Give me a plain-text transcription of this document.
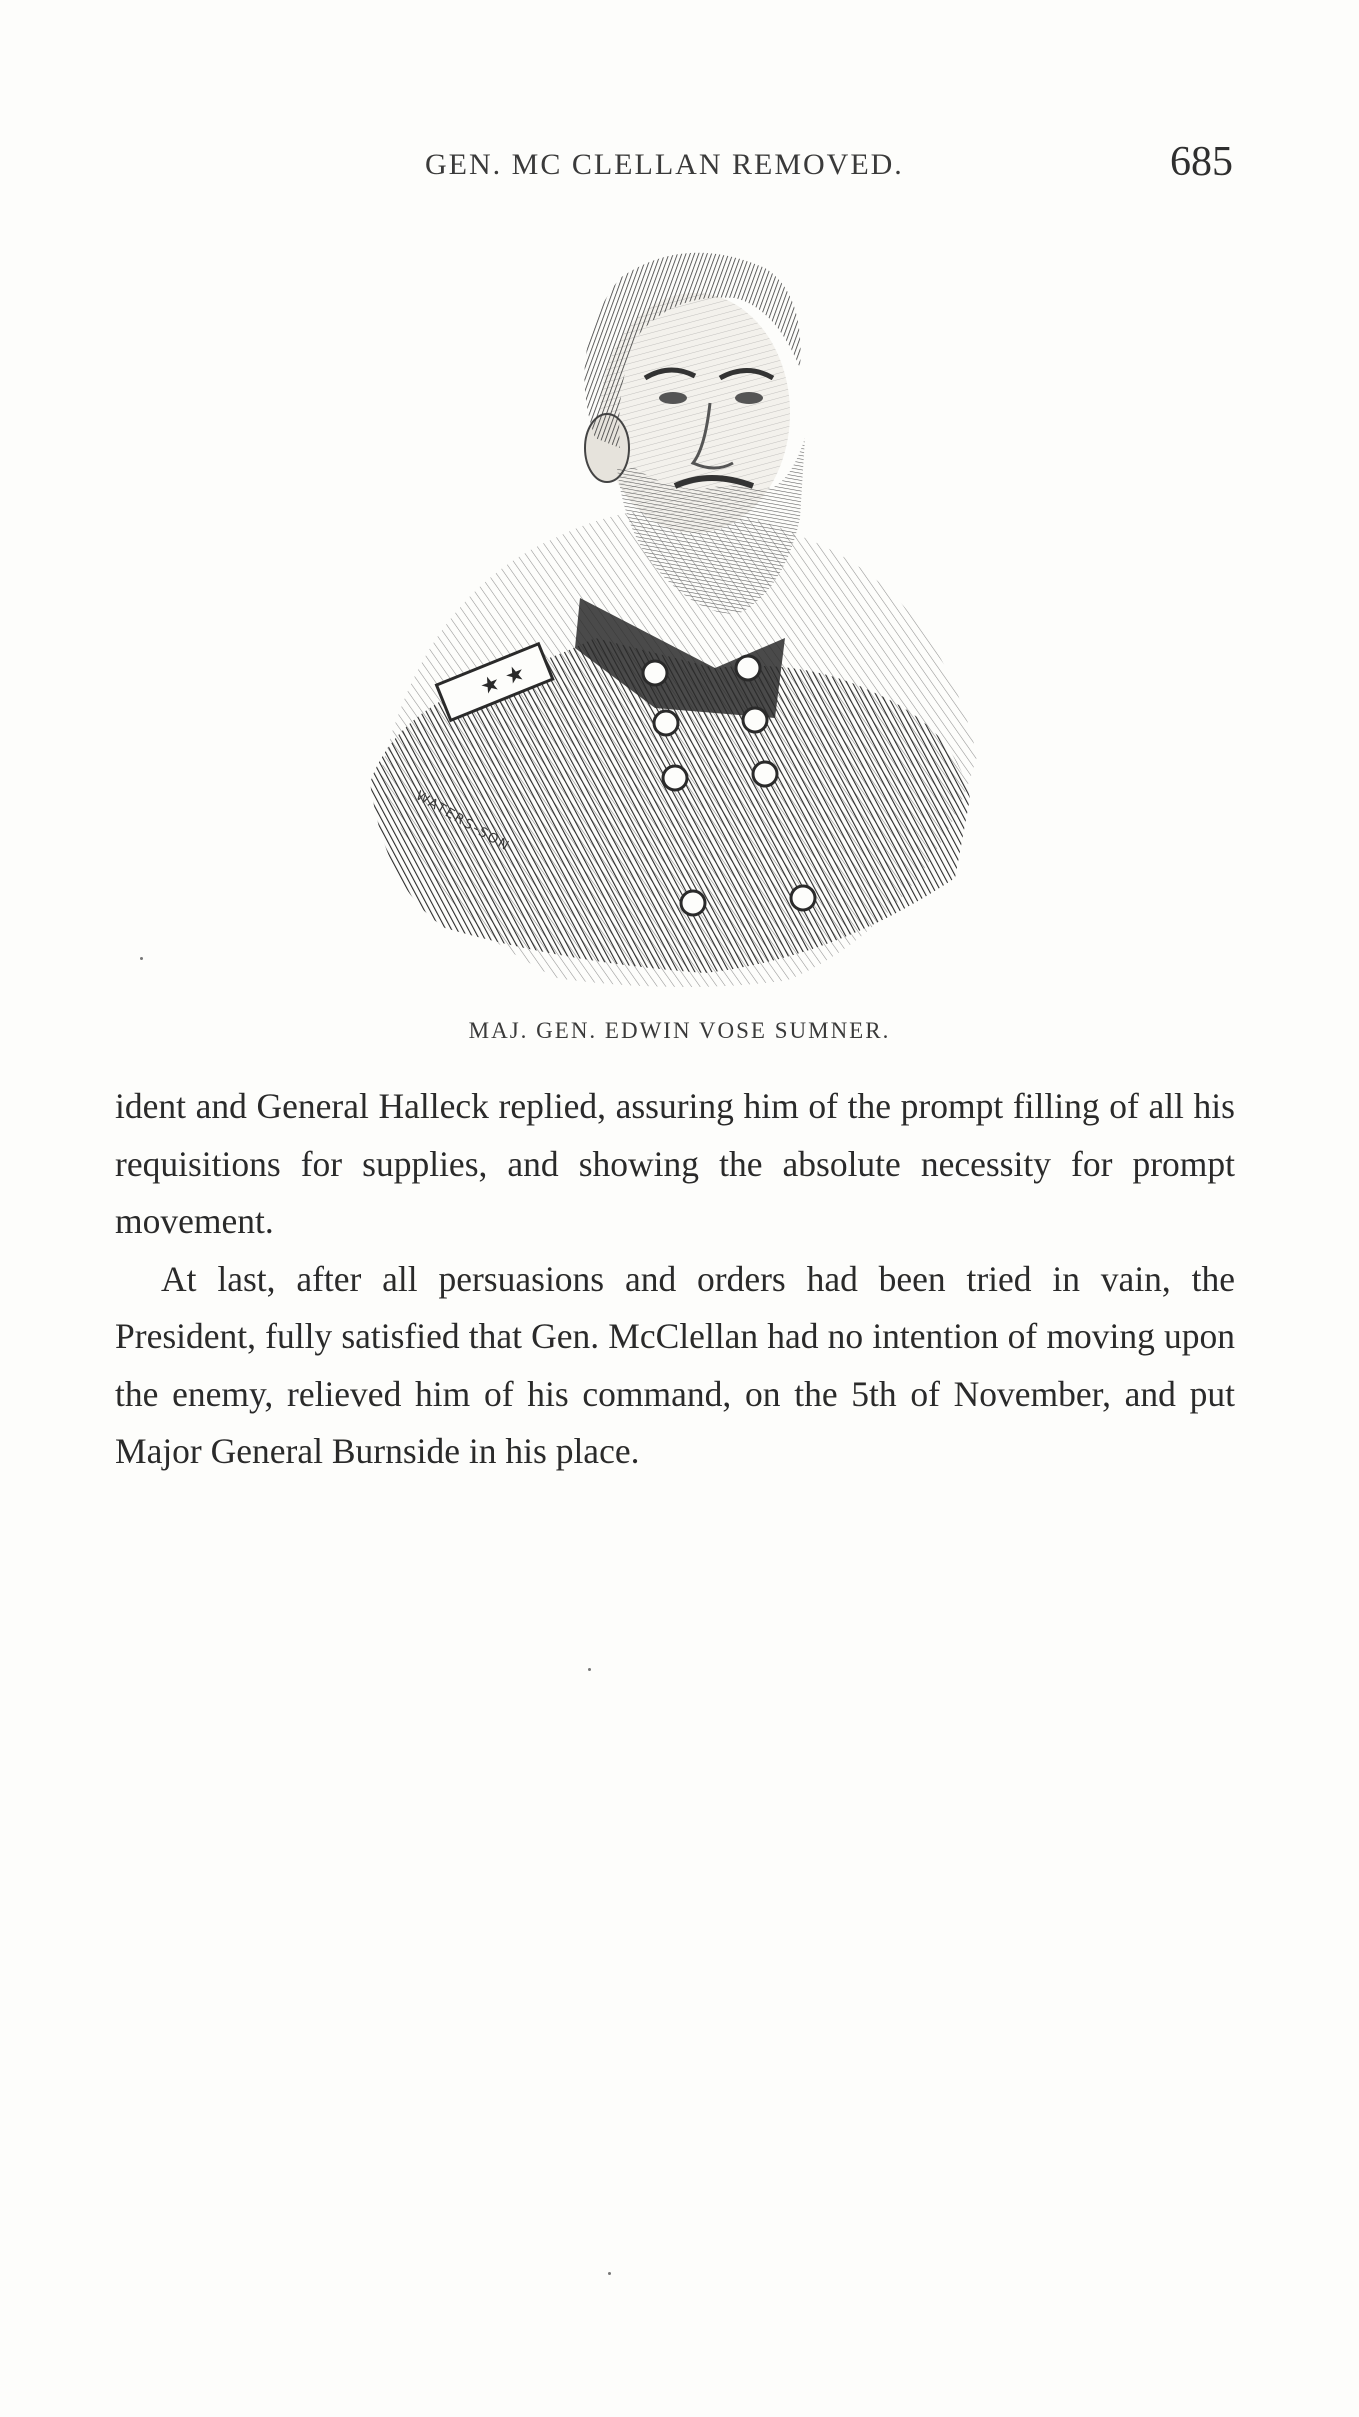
GEN. MC CLELLAN REMOVED.	685
★ ★
WATERS-SON
MAJ. GEN. EDWIN VOSE SUMNER.

ident and General Halleck replied, assuring him of the prompt filling of all his requisitions for supplies, and showing the absolute necessity for prompt movement.

At last, after all persuasions and orders had been tried in vain, the President, fully satisfied that Gen. McClellan had no intention of moving upon the enemy, relieved him of his command, on the 5th of November, and put Major General Burnside in his place.
